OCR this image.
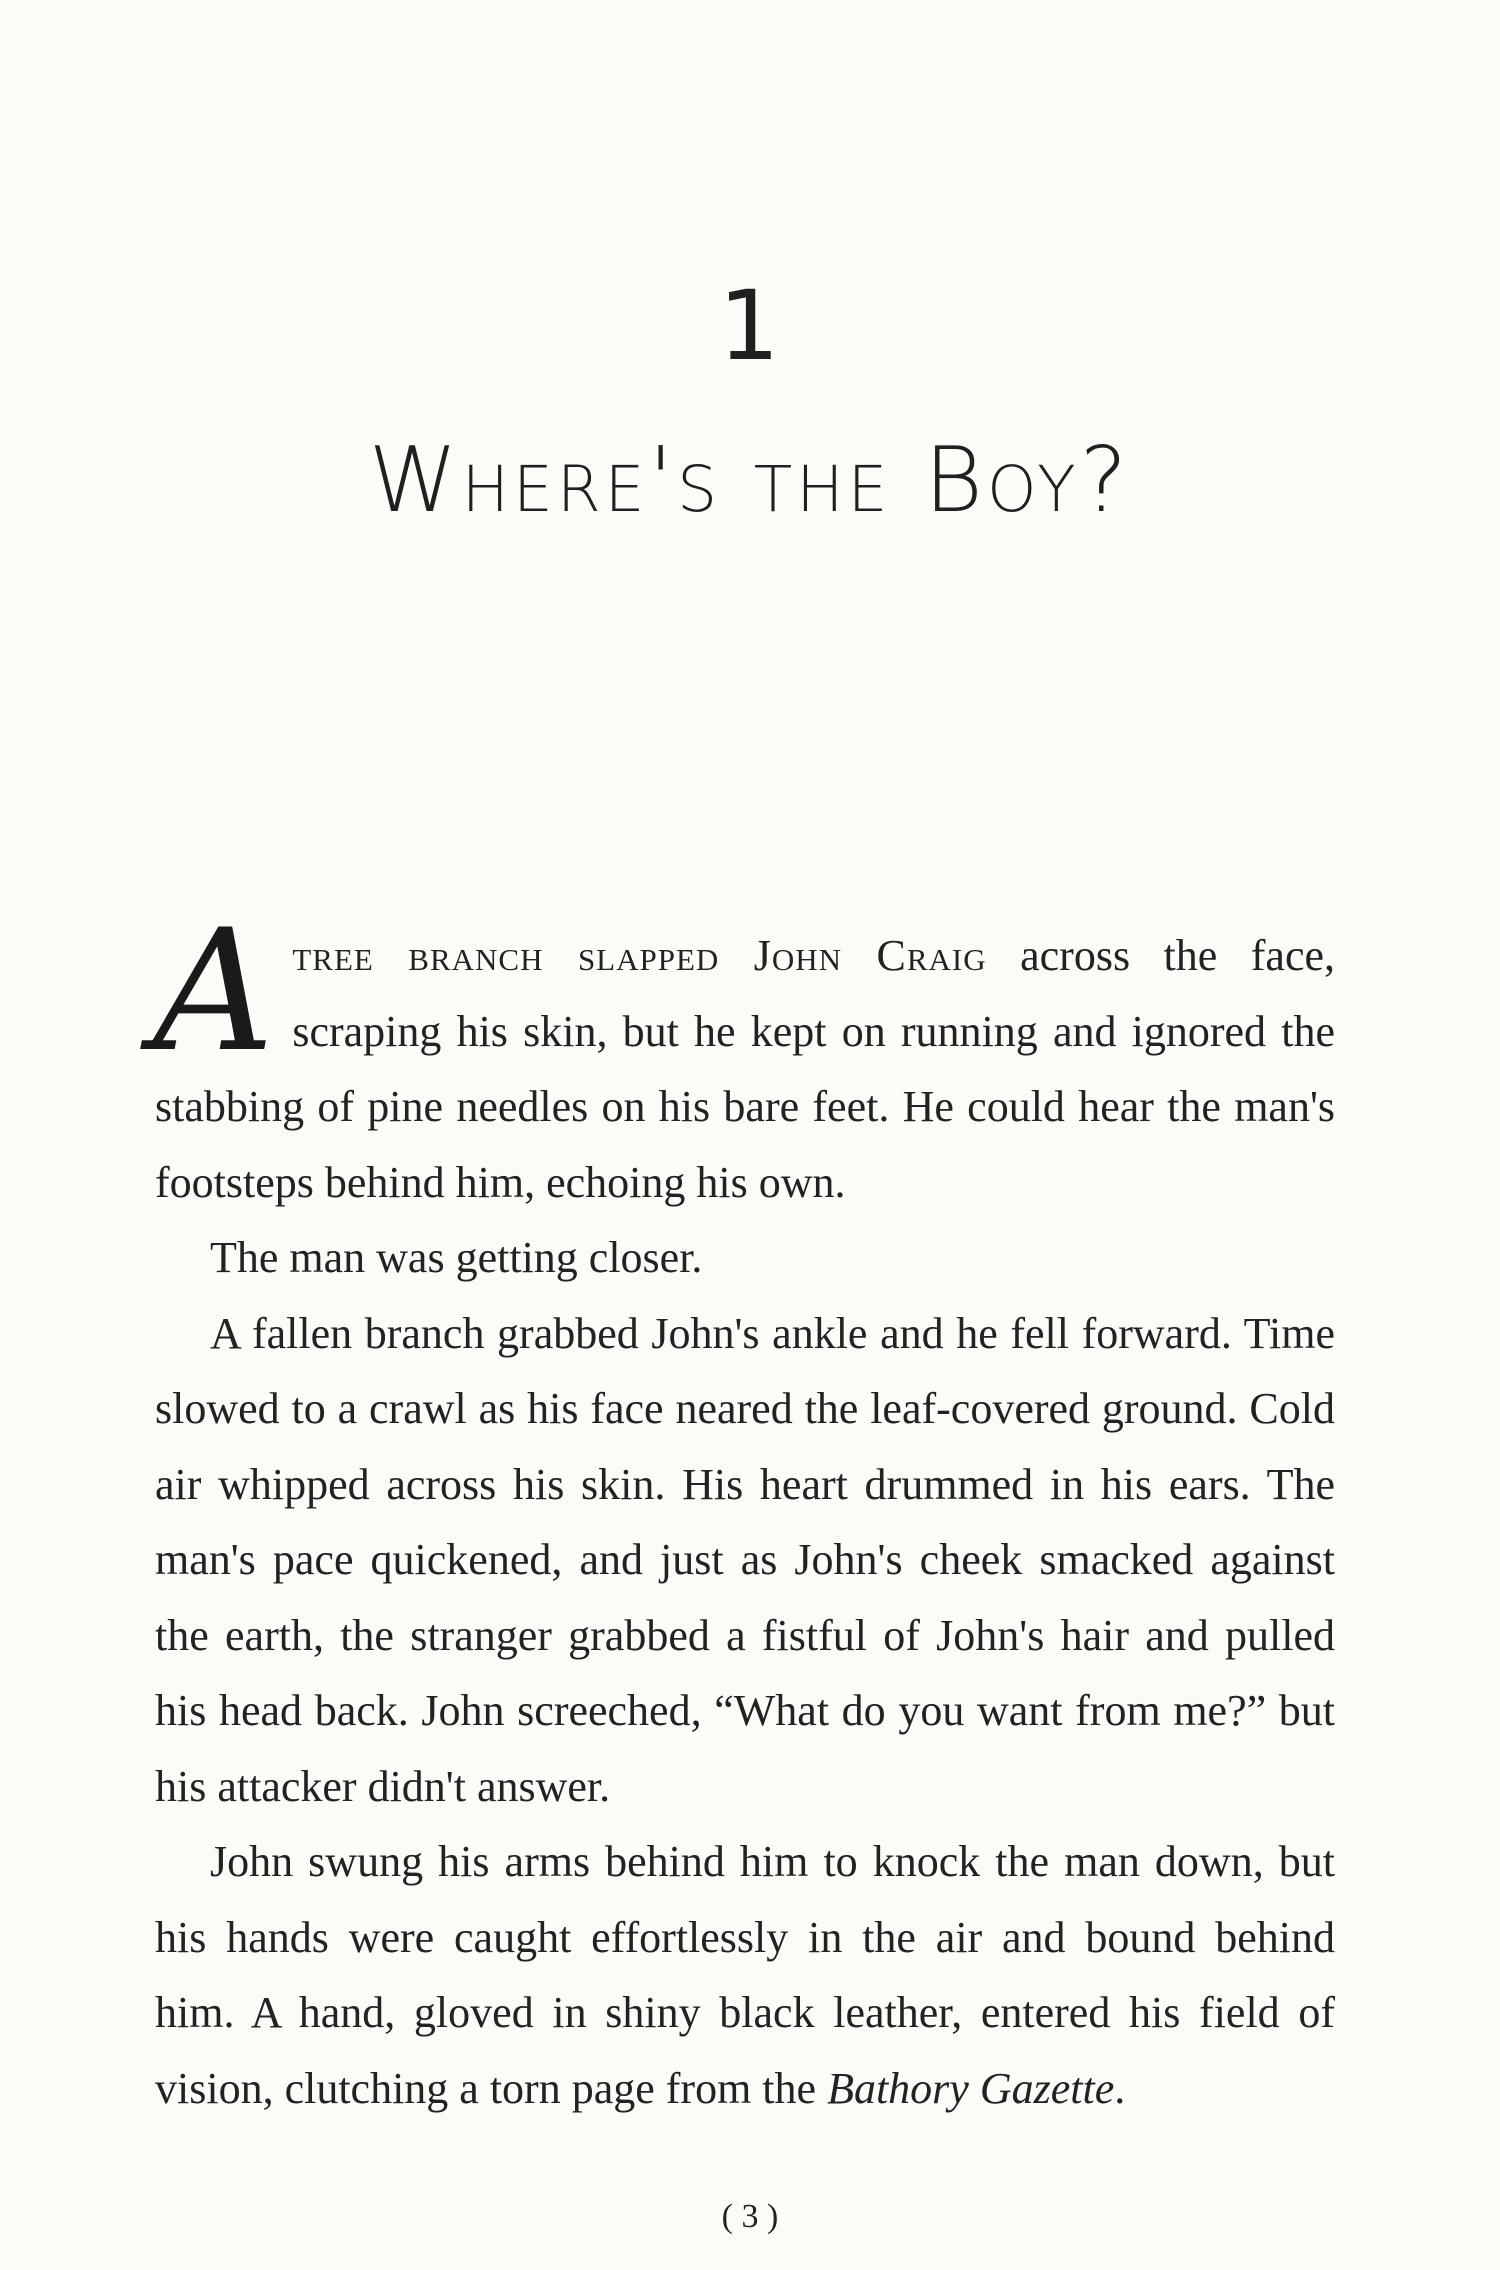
1
Where's the Boy?

Atree branch slapped John Craig across the face, scraping his skin, but he kept on running and ignored the stabbing of pine needles on his bare feet. He could hear the man's footsteps behind him, echoing his own.

The man was getting closer.

A fallen branch grabbed John's ankle and he fell forward. Time slowed to a crawl as his face neared the leaf-covered ground. Cold air whipped across his skin. His heart drummed in his ears. The man's pace quickened, and just as John's cheek smacked against the earth, the stranger grabbed a fistful of John's hair and pulled his head back. John screeched, “What do you want from me?” but his attacker didn't answer.

John swung his arms behind him to knock the man down, but his hands were caught effortlessly in the air and bound behind him. A hand, gloved in shiny black leather, entered his field of vision, clutching a torn page from the Bathory Gazette.

( 3 )
